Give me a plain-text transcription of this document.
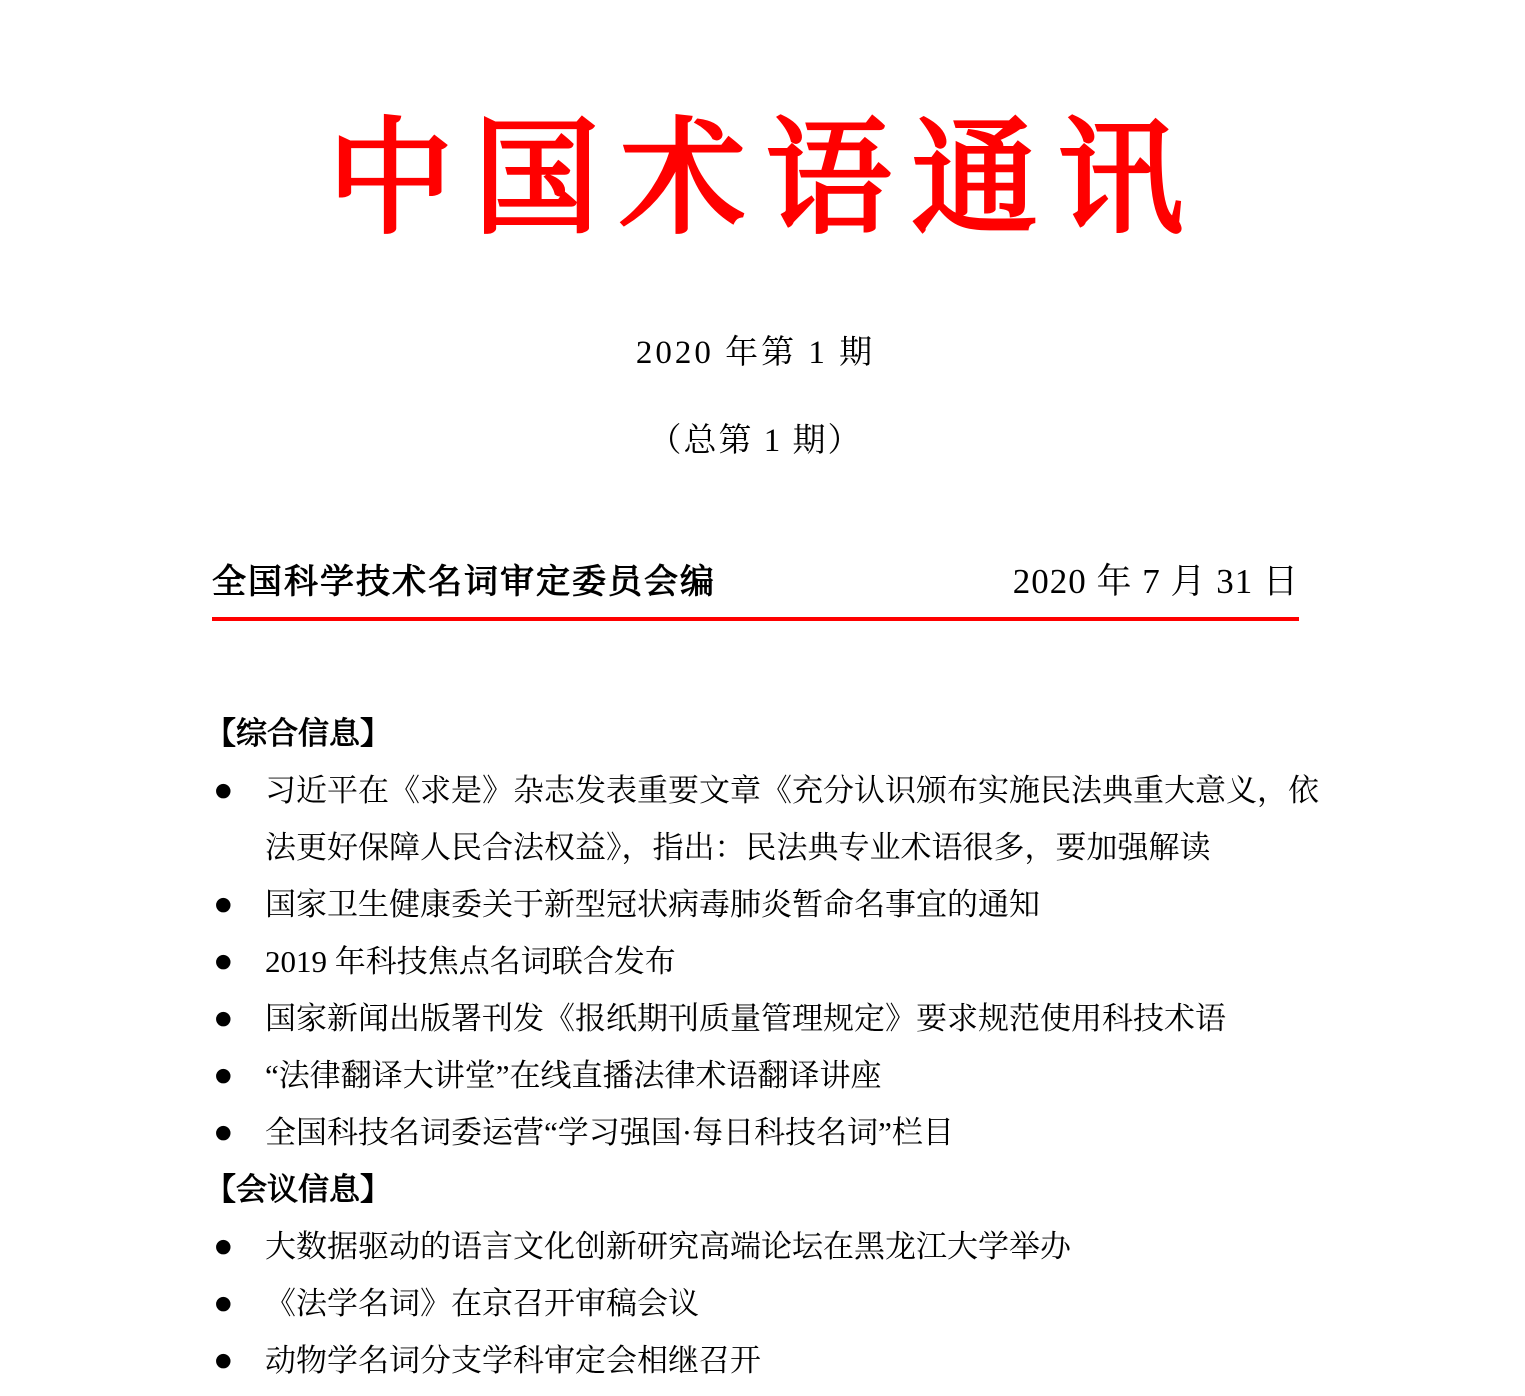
中国术语通讯
2020 年第 1 期
（总第 1 期）
全国科学技术名词审定委员会编	2020 年 7 月 31 日
【综合信息】
●	习近平在《求是》杂志发表重要文章《充分认识颁布实施民法典重大意义，依法更好保障人民合法权益》，指出：民法典专业术语很多，要加强解读
●	国家卫生健康委关于新型冠状病毒肺炎暂命名事宜的通知
●	2019 年科技焦点名词联合发布
●	国家新闻出版署刊发《报纸期刊质量管理规定》要求规范使用科技术语
●	“法律翻译大讲堂”在线直播法律术语翻译讲座
●	全国科技名词委运营“学习强国·每日科技名词”栏目
【会议信息】
●	大数据驱动的语言文化创新研究高端论坛在黑龙江大学举办
●	《法学名词》在京召开审稿会议
●	动物学名词分支学科审定会相继召开
